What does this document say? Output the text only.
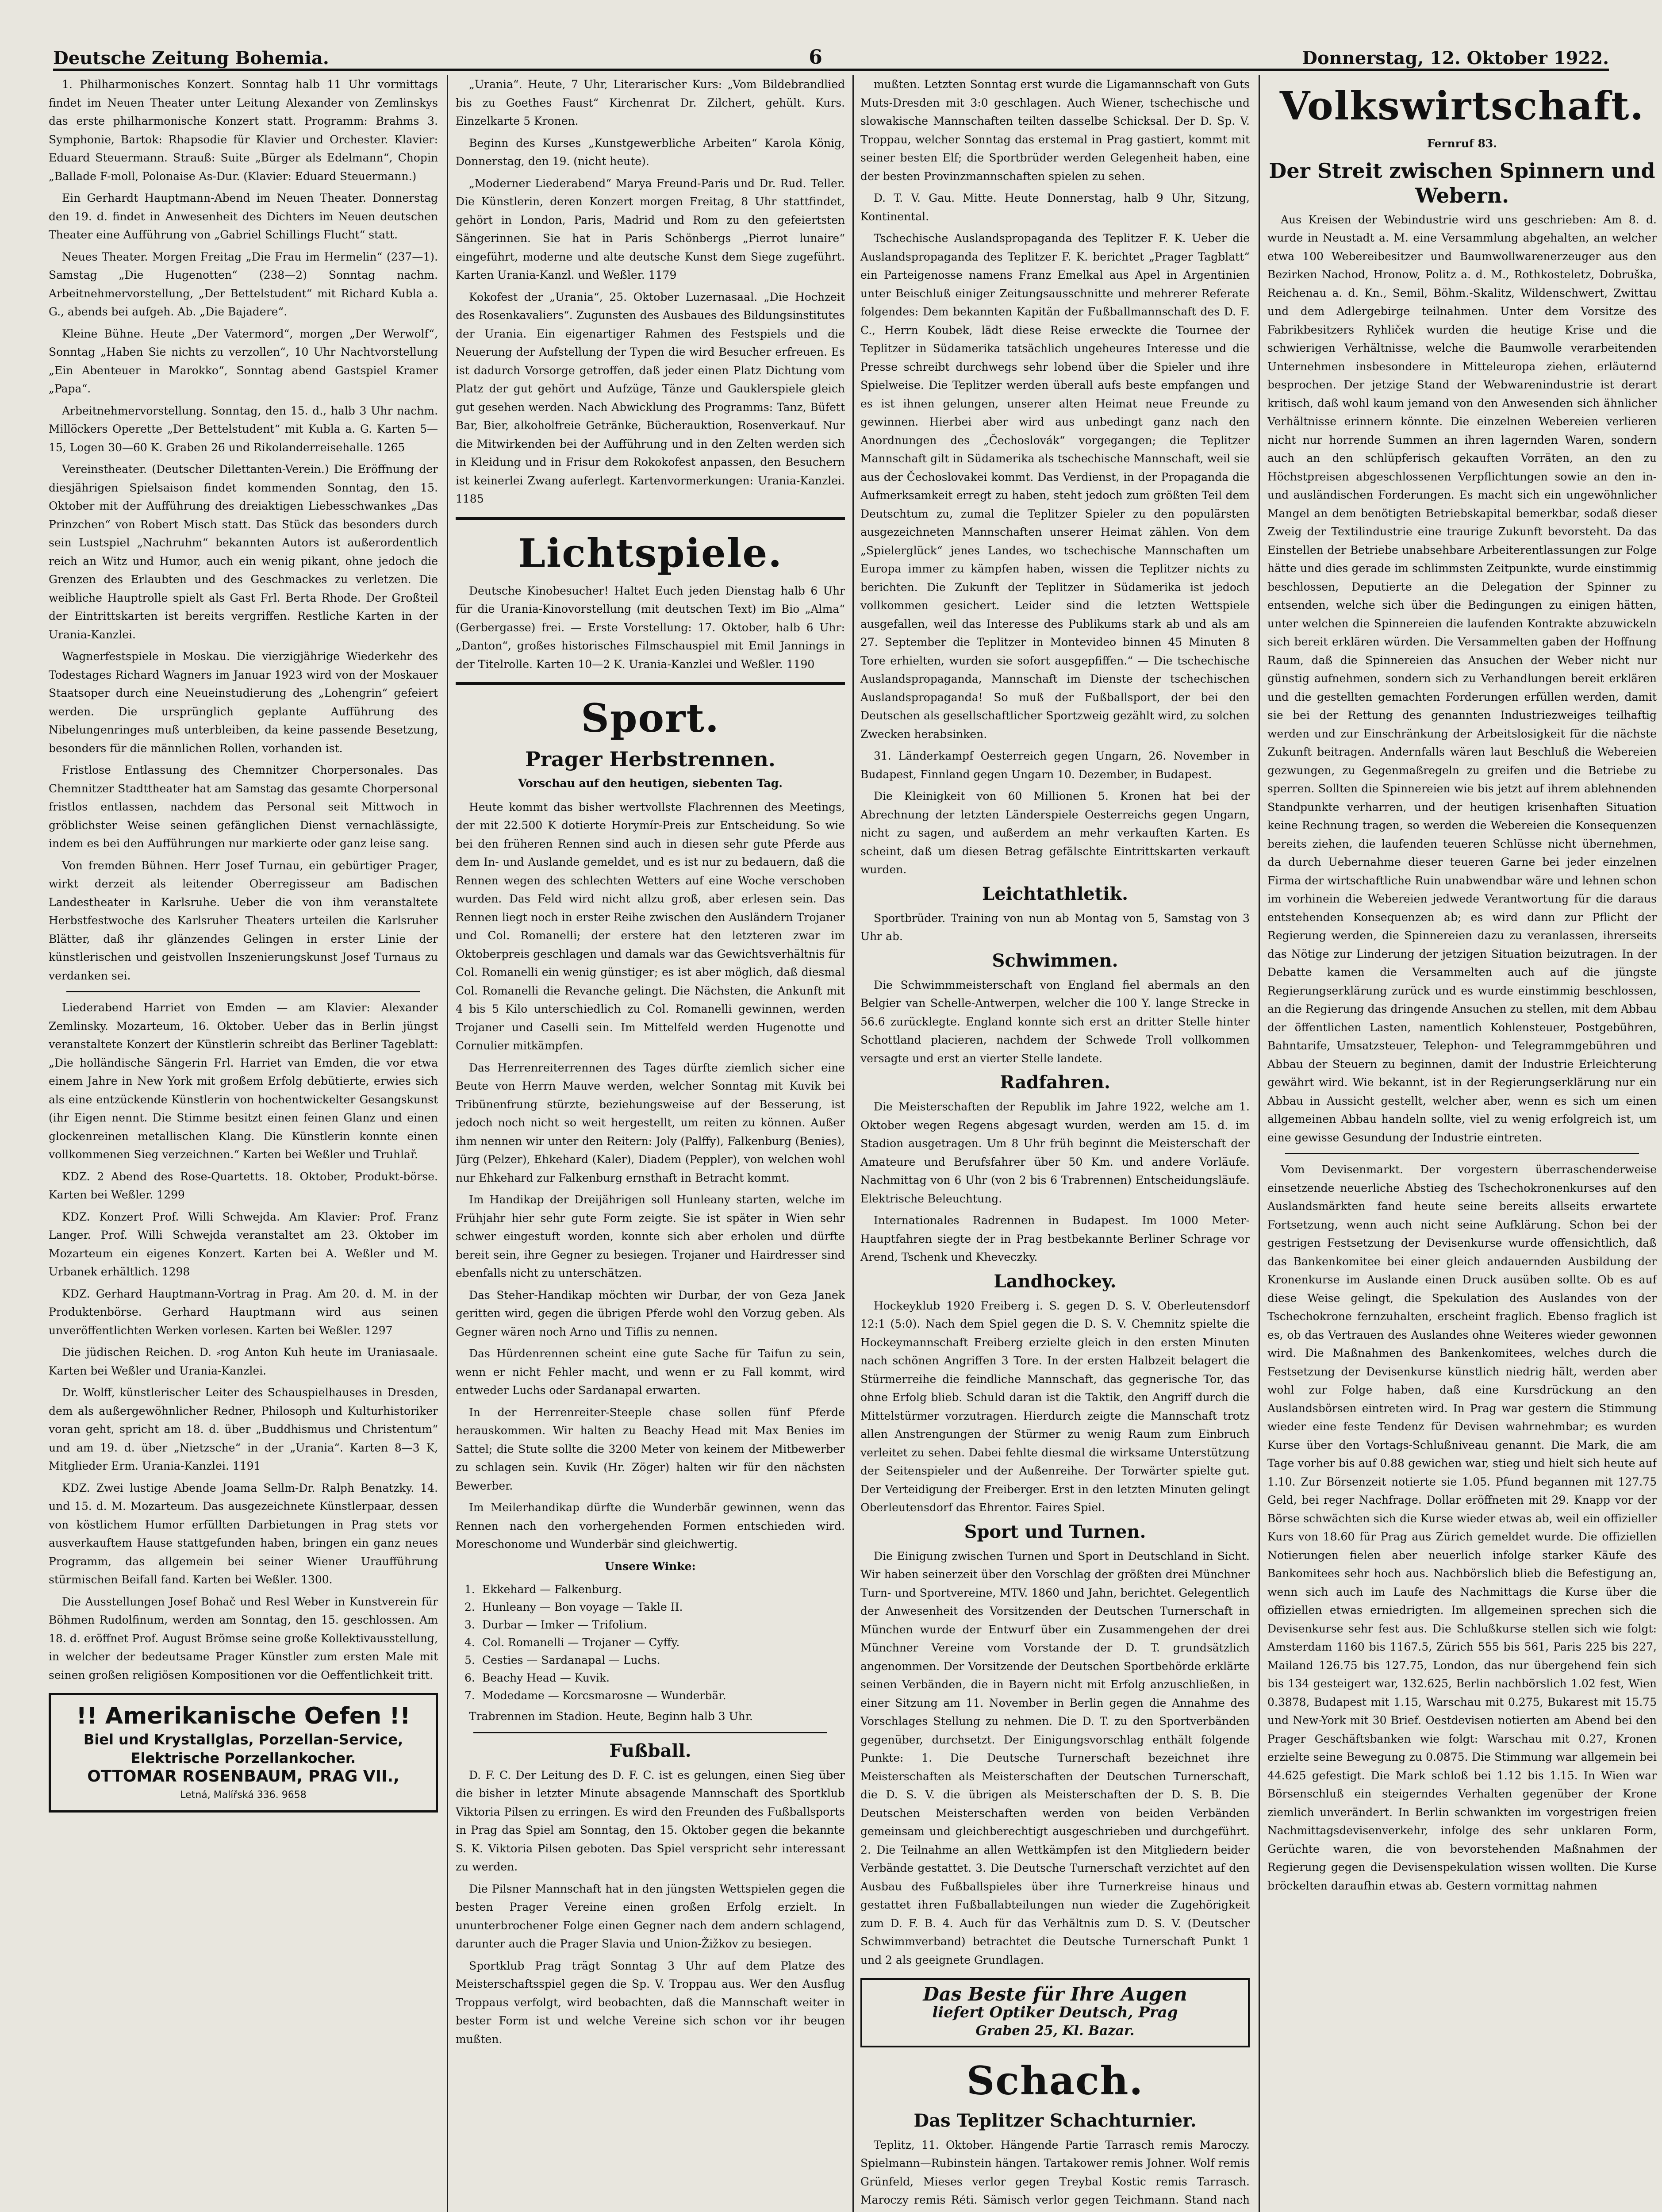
Deutsche Zeitung Bohemia.	6	Donnerstag, 12. Oktober 1922.

1. Philharmonisches Konzert. Sonntag halb 11 Uhr vormittags findet im Neuen Theater unter Leitung Alexander von Zemlinskys das erste philharmonische Konzert statt. Programm: Brahms 3. Symphonie, Bartok: Rhapsodie für Klavier und Orchester. Klavier: Eduard Steuermann. Strauß: Suite „Bürger als Edelmann“, Chopin „Ballade F-moll, Polonaise As-Dur. (Klavier: Eduard Steuermann.)

Ein Gerhardt Hauptmann-Abend im Neuen Theater. Donnerstag den 19. d. findet in Anwesenheit des Dichters im Neuen deutschen Theater eine Aufführung von „Gabriel Schillings Flucht“ statt.

Neues Theater. Morgen Freitag „Die Frau im Hermelin“ (237—1). Samstag „Die Hugenotten“ (238—2) Sonntag nachm. Arbeitnehmervorstellung, „Der Bettelstudent“ mit Richard Kubla a. G., abends bei aufgeh. Ab. „Die Bajadere“.

Kleine Bühne. Heute „Der Vatermord“, morgen „Der Werwolf“, Sonntag „Haben Sie nichts zu verzollen“, 10 Uhr Nachtvorstellung „Ein Abenteuer in Marokko“, Sonntag abend Gastspiel Kramer „Papa“.

Arbeitnehmervorstellung. Sonntag, den 15. d., halb 3 Uhr nachm. Millöckers Operette „Der Bettelstudent“ mit Kubla a. G. Karten 5—15, Logen 30—60 K. Graben 26 und Rikolanderreisehalle. 1265

Vereinstheater. (Deutscher Dilettanten-Verein.) Die Eröffnung der diesjährigen Spielsaison findet kommenden Sonntag, den 15. Oktober mit der Aufführung des dreiaktigen Liebesschwankes „Das Prinzchen“ von Robert Misch statt. Das Stück das besonders durch sein Lustspiel „Nachruhm“ bekannten Autors ist außerordentlich reich an Witz und Humor, auch ein wenig pikant, ohne jedoch die Grenzen des Erlaubten und des Geschmackes zu verletzen. Die weibliche Hauptrolle spielt als Gast Frl. Berta Rhode. Der Großteil der Eintrittskarten ist bereits vergriffen. Restliche Karten in der Urania-Kanzlei.

Wagnerfestspiele in Moskau. Die vierzigjährige Wiederkehr des Todestages Richard Wagners im Januar 1923 wird von der Moskauer Staatsoper durch eine Neueinstudierung des „Lohengrin“ gefeiert werden. Die ursprünglich geplante Aufführung des Nibelungenringes muß unterbleiben, da keine passende Besetzung, besonders für die männlichen Rollen, vorhanden ist.

Fristlose Entlassung des Chemnitzer Chorpersonales. Das Chemnitzer Stadttheater hat am Samstag das gesamte Chorpersonal fristlos entlassen, nachdem das Personal seit Mittwoch in gröblichster Weise seinen gefänglichen Dienst vernachlässigte, indem es bei den Aufführungen nur markierte oder ganz leise sang.

Von fremden Bühnen. Herr Josef Turnau, ein gebürtiger Prager, wirkt derzeit als leitender Oberregisseur am Badischen Landestheater in Karlsruhe. Ueber die von ihm veranstaltete Herbstfestwoche des Karlsruher Theaters urteilen die Karlsruher Blätter, daß ihr glänzendes Gelingen in erster Linie der künstlerischen und geistvollen Inszenierungskunst Josef Turnaus zu verdanken sei.

Liederabend Harriet von Emden — am Klavier: Alexander Zemlinsky. Mozarteum, 16. Oktober. Ueber das in Berlin jüngst veranstaltete Konzert der Künstlerin schreibt das Berliner Tageblatt: „Die holländische Sängerin Frl. Harriet van Emden, die vor etwa einem Jahre in New York mit großem Erfolg debütierte, erwies sich als eine entzückende Künstlerin von hochentwickelter Gesangskunst (ihr Eigen nennt. Die Stimme besitzt einen feinen Glanz und einen glockenreinen metallischen Klang. Die Künstlerin konnte einen vollkommenen Sieg verzeichnen.“ Karten bei Weßler und Truhlař.

KDZ. 2 Abend des Rose-Quartetts. 18. Oktober, Produkt-börse. Karten bei Weßler. 1299

KDZ. Konzert Prof. Willi Schwejda. Am Klavier: Prof. Franz Langer. Prof. Willi Schwejda veranstaltet am 23. Oktober im Mozarteum ein eigenes Konzert. Karten bei A. Weßler und M. Urbanek erhältlich. 1298

KDZ. Gerhard Hauptmann-Vortrag in Prag. Am 20. d. M. in der Produktenbörse. Gerhard Hauptmann wird aus seinen unveröffentlichten Werken vorlesen. Karten bei Weßler. 1297

Die jüdischen Reichen. D. ⸗rog Anton Kuh heute im Uraniasaale. Karten bei Weßler und Urania-Kanzlei.

Dr. Wolff, künstlerischer Leiter des Schauspielhauses in Dresden, dem als außergewöhnlicher Redner, Philosoph und Kulturhistoriker voran geht, spricht am 18. d. über „Buddhismus und Christentum“ und am 19. d. über „Nietzsche“ in der „Urania“. Karten 8—3 K, Mitglieder Erm. Urania-Kanzlei. 1191

KDZ. Zwei lustige Abende Joama Sellm-Dr. Ralph Benatzky. 14. und 15. d. M. Mozarteum. Das ausgezeichnete Künstlerpaar, dessen von köstlichem Humor erfüllten Darbietungen in Prag stets vor ausverkauftem Hause stattgefunden haben, bringen ein ganz neues Programm, das allgemein bei seiner Wiener Uraufführung stürmischen Beifall fand. Karten bei Weßler. 1300.

Die Ausstellungen Josef Bohač und Resl Weber in Kunstverein für Böhmen Rudolfinum, werden am Sonntag, den 15. geschlossen. Am 18. d. eröffnet Prof. August Brömse seine große Kollektivausstellung, in welcher der bedeutsame Prager Künstler zum ersten Male mit seinen großen religiösen Kompositionen vor die Oeffentlichkeit tritt.

!! Amerikanische Oefen !!
Biel und Krystallglas, Porzellan-Service,
Elektrische Porzellankocher.
OTTOMAR ROSENBAUM, PRAG VII.,
Letná, Malířská 336. 9658

„Urania“. Heute, 7 Uhr, Literarischer Kurs: „Vom Bildebrandlied bis zu Goethes Faust“ Kirchenrat Dr. Zilchert, gehült. Kurs. Einzelkarte 5 Kronen.

Beginn des Kurses „Kunstgewerbliche Arbeiten“ Karola König, Donnerstag, den 19. (nicht heute).

„Moderner Liederabend“ Marya Freund-Paris und Dr. Rud. Teller. Die Künstlerin, deren Konzert morgen Freitag, 8 Uhr stattfindet, gehört in London, Paris, Madrid und Rom zu den gefeiertsten Sängerinnen. Sie hat in Paris Schönbergs „Pierrot lunaire“ eingeführt, moderne und alte deutsche Kunst dem Siege zugeführt. Karten Urania-Kanzl. und Weßler. 1179

Kokofest der „Urania“, 25. Oktober Luzernasaal. „Die Hochzeit des Rosenkavaliers“. Zugunsten des Ausbaues des Bildungsinstitutes der Urania. Ein eigenartiger Rahmen des Festspiels und die Neuerung der Aufstellung der Typen die wird Besucher erfreuen. Es ist dadurch Vorsorge getroffen, daß jeder einen Platz Dichtung vom Platz der gut gehört und Aufzüge, Tänze und Gauklerspiele gleich gut gesehen werden. Nach Abwicklung des Programms: Tanz, Büfett Bar, Bier, alkoholfreie Getränke, Bücherauktion, Rosenverkauf. Nur die Mitwirkenden bei der Aufführung und in den Zelten werden sich in Kleidung und in Frisur dem Rokokofest anpassen, den Besuchern ist keinerlei Zwang auferlegt. Kartenvormerkungen: Urania-Kanzlei. 1185

Lichtspiele.

Deutsche Kinobesucher! Haltet Euch jeden Dienstag halb 6 Uhr für die Urania-Kinovorstellung (mit deutschen Text) im Bio „Alma“ (Gerbergasse) frei. — Erste Vorstellung: 17. Oktober, halb 6 Uhr: „Danton“, großes historisches Filmschauspiel mit Emil Jannings in der Titelrolle. Karten 10—2 K. Urania-Kanzlei und Weßler. 1190

Sport.
Prager Herbstrennen.
Vorschau auf den heutigen, siebenten Tag.

Heute kommt das bisher wertvollste Flachrennen des Meetings, der mit 22.500 K dotierte Horymír-Preis zur Entscheidung. So wie bei den früheren Rennen sind auch in diesen sehr gute Pferde aus dem In- und Auslande gemeldet, und es ist nur zu bedauern, daß die Rennen wegen des schlechten Wetters auf eine Woche verschoben wurden. Das Feld wird nicht allzu groß, aber erlesen sein. Das Rennen liegt noch in erster Reihe zwischen den Ausländern Trojaner und Col. Romanelli; der erstere hat den letzteren zwar im Oktoberpreis geschlagen und damals war das Gewichtsverhältnis für Col. Romanelli ein wenig günstiger; es ist aber möglich, daß diesmal Col. Romanelli die Revanche gelingt. Die Nächsten, die Ankunft mit 4 bis 5 Kilo unterschiedlich zu Col. Romanelli gewinnen, werden Trojaner und Caselli sein. Im Mittelfeld werden Hugenotte und Cornulier mitkämpfen.

Das Herrenreiterrennen des Tages dürfte ziemlich sicher eine Beute von Herrn Mauve werden, welcher Sonntag mit Kuvik bei Tribünenfrung stürzte, beziehungsweise auf der Besserung, ist jedoch noch nicht so weit hergestellt, um reiten zu können. Außer ihm nennen wir unter den Reitern: Joly (Palffy), Falkenburg (Benies), Jürg (Pelzer), Ehkehard (Kaler), Diadem (Peppler), von welchen wohl nur Ehkehard zur Falkenburg ernsthaft in Betracht kommt.

Im Handikap der Dreijährigen soll Hunleany starten, welche im Frühjahr hier sehr gute Form zeigte. Sie ist später in Wien sehr schwer eingestuft worden, konnte sich aber erholen und dürfte bereit sein, ihre Gegner zu besiegen. Trojaner und Hairdresser sind ebenfalls nicht zu unterschätzen.

Das Steher-Handikap möchten wir Durbar, der von Geza Janek geritten wird, gegen die übrigen Pferde wohl den Vorzug geben. Als Gegner wären noch Arno und Tiflis zu nennen.

Das Hürdenrennen scheint eine gute Sache für Taifun zu sein, wenn er nicht Fehler macht, und wenn er zu Fall kommt, wird entweder Luchs oder Sardanapal erwarten.

In der Herrenreiter-Steeple chase sollen fünf Pferde herauskommen. Wir halten zu Beachy Head mit Max Benies im Sattel; die Stute sollte die 3200 Meter von keinem der Mitbewerber zu schlagen sein. Kuvik (Hr. Zöger) halten wir für den nächsten Bewerber.

Im Meilerhandikap dürfte die Wunderbär gewinnen, wenn das Rennen nach den vorhergehenden Formen entschieden wird. Moreschonome und Wunderbär sind gleichwertig.

Unsere Winke:
1. Ekkehard — Falkenburg.
2. Hunleany — Bon voyage — Takle II.
3. Durbar — Imker — Trifolium.
4. Col. Romanelli — Trojaner — Cyffy.
5. Cesties — Sardanapal — Luchs.
6. Beachy Head — Kuvik.
7. Modedame — Korcsmarosne — Wunderbär.

Trabrennen im Stadion. Heute, Beginn halb 3 Uhr.

Fußball.

D. F. C. Der Leitung des D. F. C. ist es gelungen, einen Sieg über die bisher in letzter Minute absagende Mannschaft des Sportklub Viktoria Pilsen zu erringen. Es wird den Freunden des Fußballsports in Prag das Spiel am Sonntag, den 15. Oktober gegen die bekannte S. K. Viktoria Pilsen geboten. Das Spiel verspricht sehr interessant zu werden.

Die Pilsner Mannschaft hat in den jüngsten Wettspielen gegen die besten Prager Vereine einen großen Erfolg erzielt. In ununterbrochener Folge einen Gegner nach dem andern schlagend, darunter auch die Prager Slavia und Union-Žižkov zu besiegen.

Sportklub Prag trägt Sonntag 3 Uhr auf dem Platze des Meisterschaftsspiel gegen die Sp. V. Troppau aus. Wer den Ausflug Troppaus verfolgt, wird beobachten, daß die Mannschaft weiter in bester Form ist und welche Vereine sich schon vor ihr beugen mußten.

mußten. Letzten Sonntag erst wurde die Ligamannschaft von Guts Muts-Dresden mit 3:0 geschlagen. Auch Wiener, tschechische und slowakische Mannschaften teilten dasselbe Schicksal. Der D. Sp. V. Troppau, welcher Sonntag das erstemal in Prag gastiert, kommt mit seiner besten Elf; die Sportbrüder werden Gelegenheit haben, eine der besten Provinzmannschaften spielen zu sehen.

D. T. V. Gau. Mitte. Heute Donnerstag, halb 9 Uhr, Sitzung, Kontinental.

Tschechische Auslandspropaganda des Teplitzer F. K. Ueber die Auslandspropaganda des Teplitzer F. K. berichtet „Prager Tagblatt“ ein Parteigenosse namens Franz Emelkal aus Apel in Argentinien unter Beischluß einiger Zeitungsausschnitte und mehrerer Referate folgendes: Dem bekannten Kapitän der Fußballmannschaft des D. F. C., Herrn Koubek, lädt diese Reise erweckte die Tournee der Teplitzer in Südamerika tatsächlich ungeheures Interesse und die Presse schreibt durchwegs sehr lobend über die Spieler und ihre Spielweise. Die Teplitzer werden überall aufs beste empfangen und es ist ihnen gelungen, unserer alten Heimat neue Freunde zu gewinnen. Hierbei aber wird aus unbedingt ganz nach den Anordnungen des „Čechoslovák“ vorgegangen; die Teplitzer Mannschaft gilt in Südamerika als tschechische Mannschaft, weil sie aus der Čechoslovakei kommt. Das Verdienst, in der Propaganda die Aufmerksamkeit erregt zu haben, steht jedoch zum größten Teil dem Deutschtum zu, zumal die Teplitzer Spieler zu den populärsten ausgezeichneten Mannschaften unserer Heimat zählen. Von dem „Spielerglück“ jenes Landes, wo tschechische Mannschaften um Europa immer zu kämpfen haben, wissen die Teplitzer nichts zu berichten. Die Zukunft der Teplitzer in Südamerika ist jedoch vollkommen gesichert. Leider sind die letzten Wettspiele ausgefallen, weil das Interesse des Publikums stark ab und als am 27. September die Teplitzer in Montevideo binnen 45 Minuten 8 Tore erhielten, wurden sie sofort ausgepfiffen.“ — Die tschechische Auslandspropaganda, Mannschaft im Dienste der tschechischen Auslandspropaganda! So muß der Fußballsport, der bei den Deutschen als gesellschaftlicher Sportzweig gezählt wird, zu solchen Zwecken herabsinken.

31. Länderkampf Oesterreich gegen Ungarn, 26. November in Budapest, Finnland gegen Ungarn 10. Dezember, in Budapest.

Die Kleinigkeit von 60 Millionen 5. Kronen hat bei der Abrechnung der letzten Länderspiele Oesterreichs gegen Ungarn, nicht zu sagen, und außerdem an mehr verkauften Karten. Es scheint, daß um diesen Betrag gefälschte Eintrittskarten verkauft wurden.

Leichtathletik.

Sportbrüder. Training von nun ab Montag von 5, Samstag von 3 Uhr ab.

Schwimmen.

Die Schwimmmeisterschaft von England fiel abermals an den Belgier van Schelle-Antwerpen, welcher die 100 Y. lange Strecke in 56.6 zurücklegte. England konnte sich erst an dritter Stelle hinter Schottland placieren, nachdem der Schwede Troll vollkommen versagte und erst an vierter Stelle landete.

Radfahren.

Die Meisterschaften der Republik im Jahre 1922, welche am 1. Oktober wegen Regens abgesagt wurden, werden am 15. d. im Stadion ausgetragen. Um 8 Uhr früh beginnt die Meisterschaft der Amateure und Berufsfahrer über 50 Km. und andere Vorläufe. Nachmittag von 6 Uhr (von 2 bis 6 Trabrennen) Entscheidungsläufe. Elektrische Beleuchtung.

Internationales Radrennen in Budapest. Im 1000 Meter-Hauptfahren siegte der in Prag bestbekannte Berliner Schrage vor Arend, Tschenk und Kheveczky.

Landhockey.

Hockeyklub 1920 Freiberg i. S. gegen D. S. V. Oberleutensdorf 12:1 (5:0). Nach dem Spiel gegen die D. S. V. Chemnitz spielte die Hockeymannschaft Freiberg erzielte gleich in den ersten Minuten nach schönen Angriffen 3 Tore. In der ersten Halbzeit belagert die Stürmerreihe die feindliche Mannschaft, das gegnerische Tor, das ohne Erfolg blieb. Schuld daran ist die Taktik, den Angriff durch die Mittelstürmer vorzutragen. Hierdurch zeigte die Mannschaft trotz allen Anstrengungen der Stürmer zu wenig Raum zum Einbruch verleitet zu sehen. Dabei fehlte diesmal die wirksame Unterstützung der Seitenspieler und der Außenreihe. Der Torwärter spielte gut. Der Verteidigung der Freiberger. Erst in den letzten Minuten gelingt Oberleutensdorf das Ehrentor. Faires Spiel.

Sport und Turnen.

Die Einigung zwischen Turnen und Sport in Deutschland in Sicht. Wir haben seinerzeit über den Vorschlag der größten drei Münchner Turn- und Sportvereine, MTV. 1860 und Jahn, berichtet. Gelegentlich der Anwesenheit des Vorsitzenden der Deutschen Turnerschaft in München wurde der Entwurf über ein Zusammengehen der drei Münchner Vereine vom Vorstande der D. T. grundsätzlich angenommen. Der Vorsitzende der Deutschen Sportbehörde erklärte seinen Verbänden, die in Bayern nicht mit Erfolg anzuschließen, in einer Sitzung am 11. November in Berlin gegen die Annahme des Vorschlages Stellung zu nehmen. Die D. T. zu den Sportverbänden gegenüber, durchsetzt. Der Einigungsvorschlag enthält folgende Punkte: 1. Die Deutsche Turnerschaft bezeichnet ihre Meisterschaften als Meisterschaften der Deutschen Turnerschaft, die D. S. V. die übrigen als Meisterschaften der D. S. B. Die Deutschen Meisterschaften werden von beiden Verbänden gemeinsam und gleichberechtigt ausgeschrieben und durchgeführt. 2. Die Teilnahme an allen Wettkämpfen ist den Mitgliedern beider Verbände gestattet. 3. Die Deutsche Turnerschaft verzichtet auf den Ausbau des Fußballspieles über ihre Turnerkreise hinaus und gestattet ihren Fußballabteilungen nun wieder die Zugehörigkeit zum D. F. B. 4. Auch für das Verhältnis zum D. S. V. (Deutscher Schwimmverband) betrachtet die Deutsche Turnerschaft Punkt 1 und 2 als geeignete Grundlagen.

Das Beste für Ihre Augen
liefert Optiker Deutsch, Prag
Graben 25, Kl. Bazar.
Schach.
Das Teplitzer Schachturnier.

Teplitz, 11. Oktober. Hängende Partie Tarrasch remis Maroczy. Spielmann—Rubinstein hängen. Tartakower remis Johner. Wolf remis Grünfeld, Mieses verlor gegen Treybal Kostic remis Tarrasch. Maroczy remis Réti. Sämisch verlor gegen Teichmann. Stand nach

Volkswirtschaft.
Fernruf 83.
Der Streit zwischen Spinnern und Webern.

Aus Kreisen der Webindustrie wird uns geschrieben: Am 8. d. wurde in Neustadt a. M. eine Versammlung abgehalten, an welcher etwa 100 Webereibesitzer und Baumwollwarenerzeuger aus den Bezirken Nachod, Hronow, Politz a. d. M., Rothkosteletz, Dobruška, Reichenau a. d. Kn., Semil, Böhm.-Skalitz, Wildenschwert, Zwittau und dem Adlergebirge teilnahmen. Unter dem Vorsitze des Fabrikbesitzers Ryhliček wurden die heutige Krise und die schwierigen Verhältnisse, welche die Baumwolle verarbeitenden Unternehmen insbesondere in Mitteleuropa ziehen, erläuternd besprochen. Der jetzige Stand der Webwarenindustrie ist derart kritisch, daß wohl kaum jemand von den Anwesenden sich ähnlicher Verhältnisse erinnern könnte. Die einzelnen Webereien verlieren nicht nur horrende Summen an ihren lagernden Waren, sondern auch an den schlüpferisch gekauften Vorräten, an den zu Höchstpreisen abgeschlossenen Verpflichtungen sowie an den in- und ausländischen Forderungen. Es macht sich ein ungewöhnlicher Mangel an dem benötigten Betriebskapital bemerkbar, sodaß dieser Zweig der Textilindustrie eine traurige Zukunft bevorsteht. Da das Einstellen der Betriebe unabsehbare Arbeiterentlassungen zur Folge hätte und dies gerade im schlimmsten Zeitpunkte, wurde einstimmig beschlossen, Deputierte an die Delegation der Spinner zu entsenden, welche sich über die Bedingungen zu einigen hätten, unter welchen die Spinnereien die laufenden Kontrakte abzuwickeln sich bereit erklären würden. Die Versammelten gaben der Hoffnung Raum, daß die Spinnereien das Ansuchen der Weber nicht nur günstig aufnehmen, sondern sich zu Verhandlungen bereit erklären und die gestellten gemachten Forderungen erfüllen werden, damit sie bei der Rettung des genannten Industriezweiges teilhaftig werden und zur Einschränkung der Arbeitslosigkeit für die nächste Zukunft beitragen. Andernfalls wären laut Beschluß die Webereien gezwungen, zu Gegenmaßregeln zu greifen und die Betriebe zu sperren. Sollten die Spinnereien wie bis jetzt auf ihrem ablehnenden Standpunkte verharren, und der heutigen krisenhaften Situation keine Rechnung tragen, so werden die Webereien die Konsequenzen bereits ziehen, die laufenden teueren Schlüsse nicht übernehmen, da durch Uebernahme dieser teueren Garne bei jeder einzelnen Firma der wirtschaftliche Ruin unabwendbar wäre und lehnen schon im vorhinein die Webereien jedwede Verantwortung für die daraus entstehenden Konsequenzen ab; es wird dann zur Pflicht der Regierung werden, die Spinnereien dazu zu veranlassen, ihrerseits das Nötige zur Linderung der jetzigen Situation beizutragen. In der Debatte kamen die Versammelten auch auf die jüngste Regierungserklärung zurück und es wurde einstimmig beschlossen, an die Regierung das dringende Ansuchen zu stellen, mit dem Abbau der öffentlichen Lasten, namentlich Kohlensteuer, Postgebühren, Bahntarife, Umsatzsteuer, Telephon- und Telegrammgebühren und Abbau der Steuern zu beginnen, damit der Industrie Erleichterung gewährt wird. Wie bekannt, ist in der Regierungserklärung nur ein Abbau in Aussicht gestellt, welcher aber, wenn es sich um einen allgemeinen Abbau handeln sollte, viel zu wenig erfolgreich ist, um eine gewisse Gesundung der Industrie eintreten.

Vom Devisenmarkt. Der vorgestern überraschenderweise einsetzende neuerliche Abstieg des Tschechokronenkurses auf den Auslandsmärkten fand heute seine bereits allseits erwartete Fortsetzung, wenn auch nicht seine Aufklärung. Schon bei der gestrigen Festsetzung der Devisenkurse wurde offensichtlich, daß das Bankenkomitee bei einer gleich andauernden Ausbildung der Kronenkurse im Auslande einen Druck ausüben sollte. Ob es auf diese Weise gelingt, die Spekulation des Auslandes von der Tschechokrone fernzuhalten, erscheint fraglich. Ebenso fraglich ist es, ob das Vertrauen des Auslandes ohne Weiteres wieder gewonnen wird. Die Maßnahmen des Bankenkomitees, welches durch die Festsetzung der Devisenkurse künstlich niedrig hält, werden aber wohl zur Folge haben, daß eine Kursdrückung an den Auslandsbörsen eintreten wird. In Prag war gestern die Stimmung wieder eine feste Tendenz für Devisen wahrnehmbar; es wurden Kurse über den Vortags-Schlußniveau genannt. Die Mark, die am Tage vorher bis auf 0.88 gewichen war, stieg und hielt sich heute auf 1.10. Zur Börsenzeit notierte sie 1.05. Pfund begannen mit 127.75 Geld, bei reger Nachfrage. Dollar eröffneten mit 29. Knapp vor der Börse schwächten sich die Kurse wieder etwas ab, weil ein offizieller Kurs von 18.60 für Prag aus Zürich gemeldet wurde. Die offiziellen Notierungen fielen aber neuerlich infolge starker Käufe des Bankomitees sehr hoch aus. Nachbörslich blieb die Befestigung an, wenn sich auch im Laufe des Nachmittags die Kurse über die offiziellen etwas erniedrigten. Im allgemeinen sprechen sich die Devisenkurse sehr fest aus. Die Schlußkurse stellen sich wie folgt: Amsterdam 1160 bis 1167.5, Zürich 555 bis 561, Paris 225 bis 227, Mailand 126.75 bis 127.75, London, das nur übergehend fein sich bis 134 gesteigert war, 132.625, Berlin nachbörslich 1.02 fest, Wien 0.3878, Budapest mit 1.15, Warschau mit 0.275, Bukarest mit 15.75 und New-York mit 30 Brief. Oestdevisen notierten am Abend bei den Prager Geschäftsbanken wie folgt: Warschau mit 0.27, Kronen erzielte seine Bewegung zu 0.0875. Die Stimmung war allgemein bei 44.625 gefestigt. Die Mark schloß bei 1.12 bis 1.15. In Wien war Börsenschluß ein steigerndes Verhalten gegenüber der Krone ziemlich unverändert. In Berlin schwankten im vorgestrigen freien Nachmittagsdevisenverkehr, infolge des sehr unklaren Form, Gerüchte waren, die von bevorstehenden Maßnahmen der Regierung gegen die Devisenspekulation wissen wollten. Die Kurse bröckelten daraufhin etwas ab. Gestern vormittag nahmen
